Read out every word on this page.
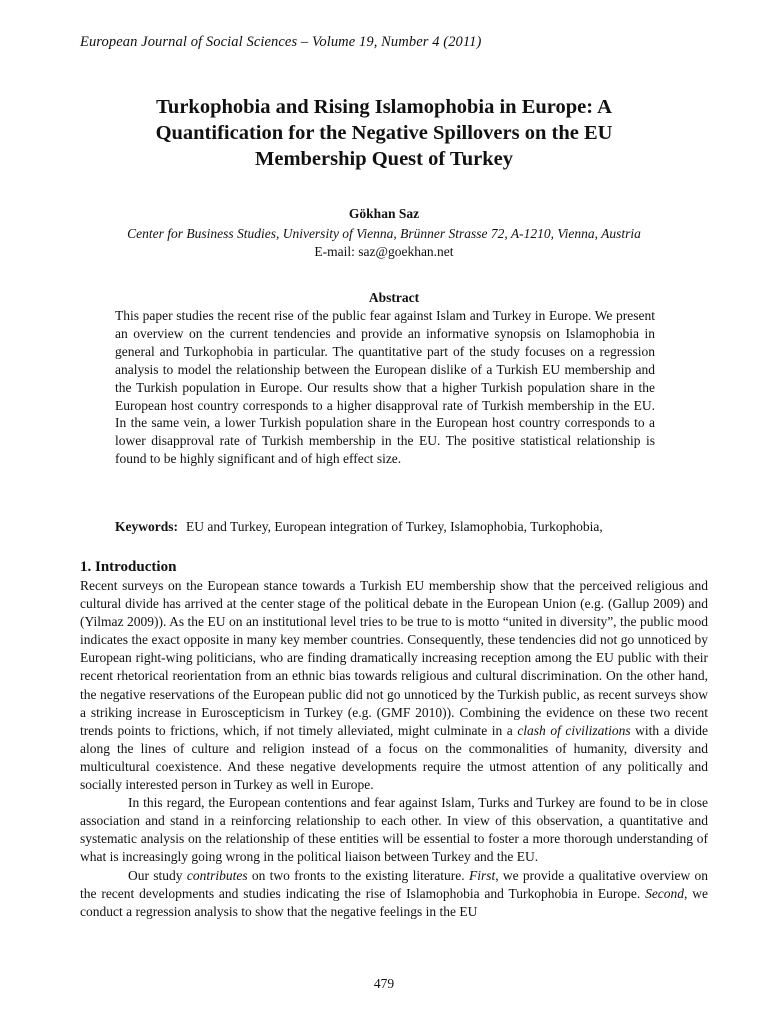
European Journal of Social Sciences – Volume 19, Number 4 (2011)
Turkophobia and Rising Islamophobia in Europe: A Quantification for the Negative Spillovers on the EU Membership Quest of Turkey
Gökhan Saz
Center for Business Studies, University of Vienna, Brünner Strasse 72, A-1210, Vienna, Austria
E-mail: saz@goekhan.net
Abstract
This paper studies the recent rise of the public fear against Islam and Turkey in Europe. We present an overview on the current tendencies and provide an informative synopsis on Islamophobia in general and Turkophobia in particular. The quantitative part of the study focuses on a regression analysis to model the relationship between the European dislike of a Turkish EU membership and the Turkish population in Europe. Our results show that a higher Turkish population share in the European host country corresponds to a higher disapproval rate of Turkish membership in the EU. In the same vein, a lower Turkish population share in the European host country corresponds to a lower disapproval rate of Turkish membership in the EU. The positive statistical relationship is found to be highly significant and of high effect size.
Keywords: EU and Turkey, European integration of Turkey, Islamophobia, Turkophobia,
1. Introduction

Recent surveys on the European stance towards a Turkish EU membership show that the perceived religious and cultural divide has arrived at the center stage of the political debate in the European Union (e.g. (Gallup 2009) and (Yilmaz 2009)). As the EU on an institutional level tries to be true to is motto “united in diversity”, the public mood indicates the exact opposite in many key member countries. Consequently, these tendencies did not go unnoticed by European right-wing politicians, who are finding dramatically increasing reception among the EU public with their recent rhetorical reorientation from an ethnic bias towards religious and cultural discrimination. On the other hand, the negative reservations of the European public did not go unnoticed by the Turkish public, as recent surveys show a striking increase in Euroscepticism in Turkey (e.g. (GMF 2010)). Combining the evidence on these two recent trends points to frictions, which, if not timely alleviated, might culminate in a clash of civilizations with a divide along the lines of culture and religion instead of a focus on the commonalities of humanity, diversity and multicultural coexistence. And these negative developments require the utmost attention of any politically and socially interested person in Turkey as well in Europe.

In this regard, the European contentions and fear against Islam, Turks and Turkey are found to be in close association and stand in a reinforcing relationship to each other. In view of this observation, a quantitative and systematic analysis on the relationship of these entities will be essential to foster a more thorough understanding of what is increasingly going wrong in the political liaison between Turkey and the EU.

Our study contributes on two fronts to the existing literature. First, we provide a qualitative overview on the recent developments and studies indicating the rise of Islamophobia and Turkophobia in Europe. Second, we conduct a regression analysis to show that the negative feelings in the EU

479
